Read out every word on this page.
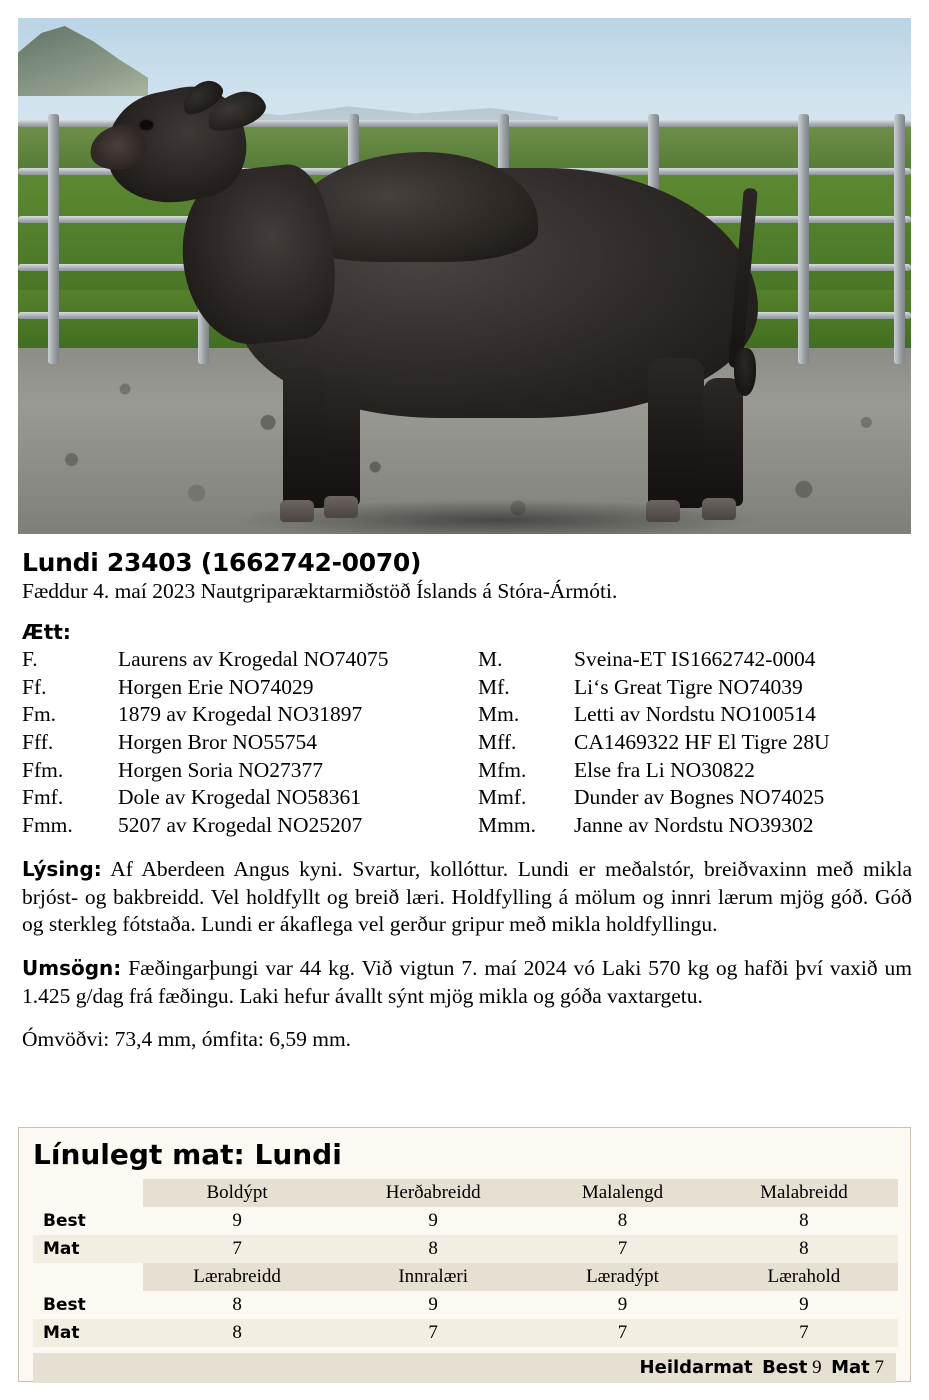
Lundi 23403 (1662742-0070)
Fæddur 4. maí 2023 Nautgriparæktarmiðstöð Íslands á Stóra-Ármóti.
Ætt:
F.	Laurens av Krogedal NO74075	M.	Sveina-ET IS1662742-0004
Ff.	Horgen Erie NO74029	Mf.	Li‘s Great Tigre NO74039
Fm.	1879 av Krogedal NO31897	Mm.	Letti av Nordstu NO100514
Fff.	Horgen Bror NO55754	Mff.	CA1469322 HF El Tigre 28U
Ffm.	Horgen Soria NO27377	Mfm.	Else fra Li NO30822
Fmf.	Dole av Krogedal NO58361	Mmf.	Dunder av Bognes NO74025
Fmm.	5207 av Krogedal NO25207	Mmm.	Janne av Nordstu NO39302

Lýsing: Af Aberdeen Angus kyni. Svartur, kollóttur. Lundi er meðalstór, breiðvaxinn með mikla brjóst- og bakbreidd. Vel holdfyllt og breið læri. Holdfylling á mölum og innri lærum mjög góð. Góð og sterkleg fótstaða. Lundi er ákaflega vel gerður gripur með mikla holdfyllingu.

Umsögn: Fæðingarþungi var 44 kg. Við vigtun 7. maí 2024 vó Laki 570 kg og hafði því vaxið um 1.425 g/dag frá fæðingu. Laki hefur ávallt sýnt mjög mikla og góða vaxtargetu.

Ómvöðvi: 73,4 mm, ómfita: 6,59 mm.

Línulegt mat: Lundi
	Boldýpt	Herðabreidd	Malalengd	Malabreidd
Best	9	9	8	8
Mat	7	8	7	8
	Lærabreidd	Innralæri	Læradýpt	Lærahold
Best	8	9	9	9
Mat	8	7	7	7
Heildarmat Best 9 Mat 7
